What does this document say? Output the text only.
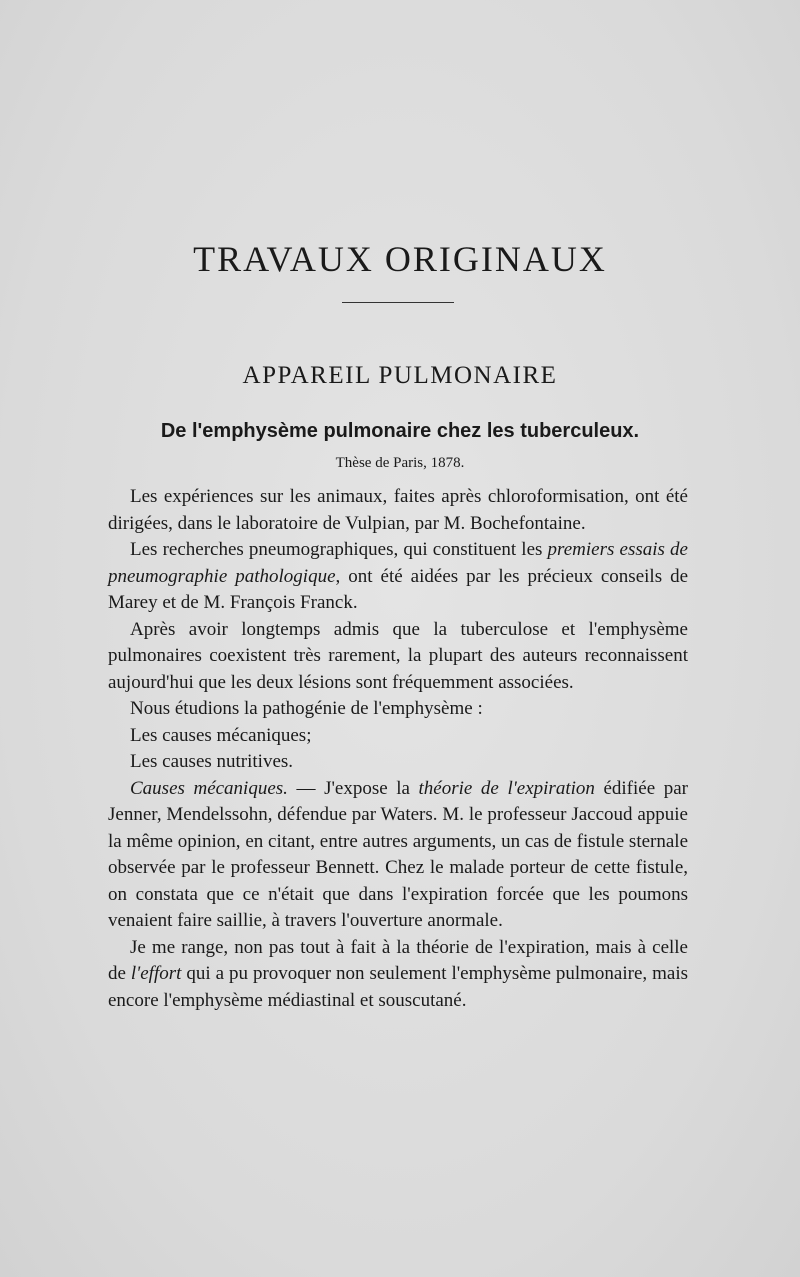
TRAVAUX ORIGINAUX
APPAREIL PULMONAIRE
De l'emphysème pulmonaire chez les tuberculeux.
Thèse de Paris, 1878.

Les expériences sur les animaux, faites après chloroformisation, ont été dirigées, dans le laboratoire de Vulpian, par M. Bochefontaine.

Les recherches pneumographiques, qui constituent les premiers essais de pneumographie pathologique, ont été aidées par les précieux conseils de Marey et de M. François Franck.

Après avoir longtemps admis que la tuberculose et l'emphysème pulmonaires coexistent très rarement, la plupart des auteurs reconnaissent aujourd'hui que les deux lésions sont fréquemment associées.

Nous étudions la pathogénie de l'emphysème :

Les causes mécaniques;

Les causes nutritives.

Causes mécaniques. — J'expose la théorie de l'expiration édifiée par Jenner, Mendelssohn, défendue par Waters. M. le professeur Jaccoud appuie la même opinion, en citant, entre autres arguments, un cas de fistule sternale observée par le professeur Bennett. Chez le malade porteur de cette fistule, on constata que ce n'était que dans l'expiration forcée que les poumons venaient faire saillie, à travers l'ouverture anormale.

Je me range, non pas tout à fait à la théorie de l'expiration, mais à celle de l'effort qui a pu provoquer non seulement l'emphysème pulmonaire, mais encore l'emphysème médiastinal et souscutané.
